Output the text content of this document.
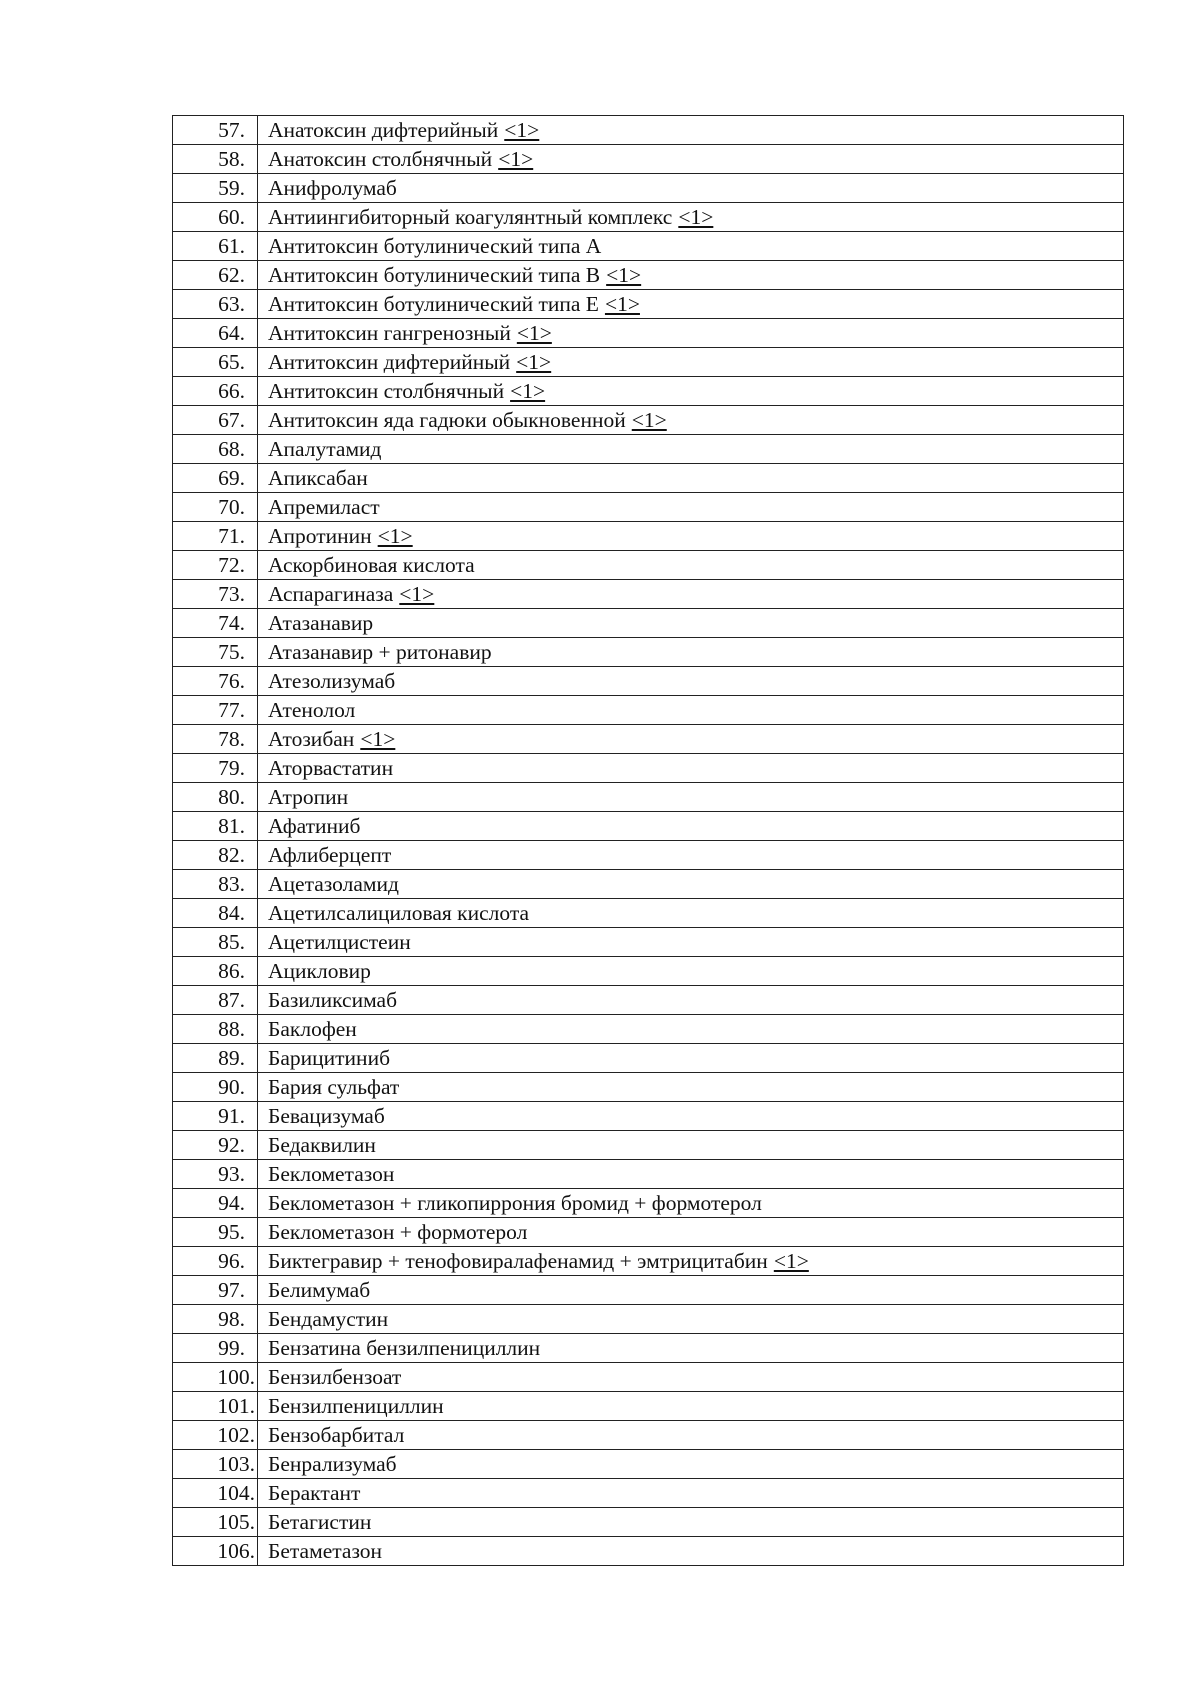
57.	Анатоксин дифтерийный <1>
58.	Анатоксин столбнячный <1>
59.	Анифролумаб
60.	Антиингибиторный коагулянтный комплекс <1>
61.	Антитоксин ботулинический типа A
62.	Антитоксин ботулинический типа B <1>
63.	Антитоксин ботулинический типа E <1>
64.	Антитоксин гангренозный <1>
65.	Антитоксин дифтерийный <1>
66.	Антитоксин столбнячный <1>
67.	Антитоксин яда гадюки обыкновенной <1>
68.	Апалутамид
69.	Апиксабан
70.	Апремиласт
71.	Апротинин <1>
72.	Аскорбиновая кислота
73.	Аспарагиназа <1>
74.	Атазанавир
75.	Атазанавир + ритонавир
76.	Атезолизумаб
77.	Атенолол
78.	Атозибан <1>
79.	Аторвастатин
80.	Атропин
81.	Афатиниб
82.	Афлиберцепт
83.	Ацетазоламид
84.	Ацетилсалициловая кислота
85.	Ацетилцистеин
86.	Ацикловир
87.	Базиликсимаб
88.	Баклофен
89.	Барицитиниб
90.	Бария сульфат
91.	Бевацизумаб
92.	Бедаквилин
93.	Беклометазон
94.	Беклометазон + гликопиррония бромид + формотерол
95.	Беклометазон + формотерол
96.	Биктегравир + тенофовиралафенамид + эмтрицитабин <1>
97.	Белимумаб
98.	Бендамустин
99.	Бензатина бензилпенициллин
100.	Бензилбензоат
101.	Бензилпенициллин
102.	Бензобарбитал
103.	Бенрализумаб
104.	Берактант
105.	Бетагистин
106.	Бетаметазон
